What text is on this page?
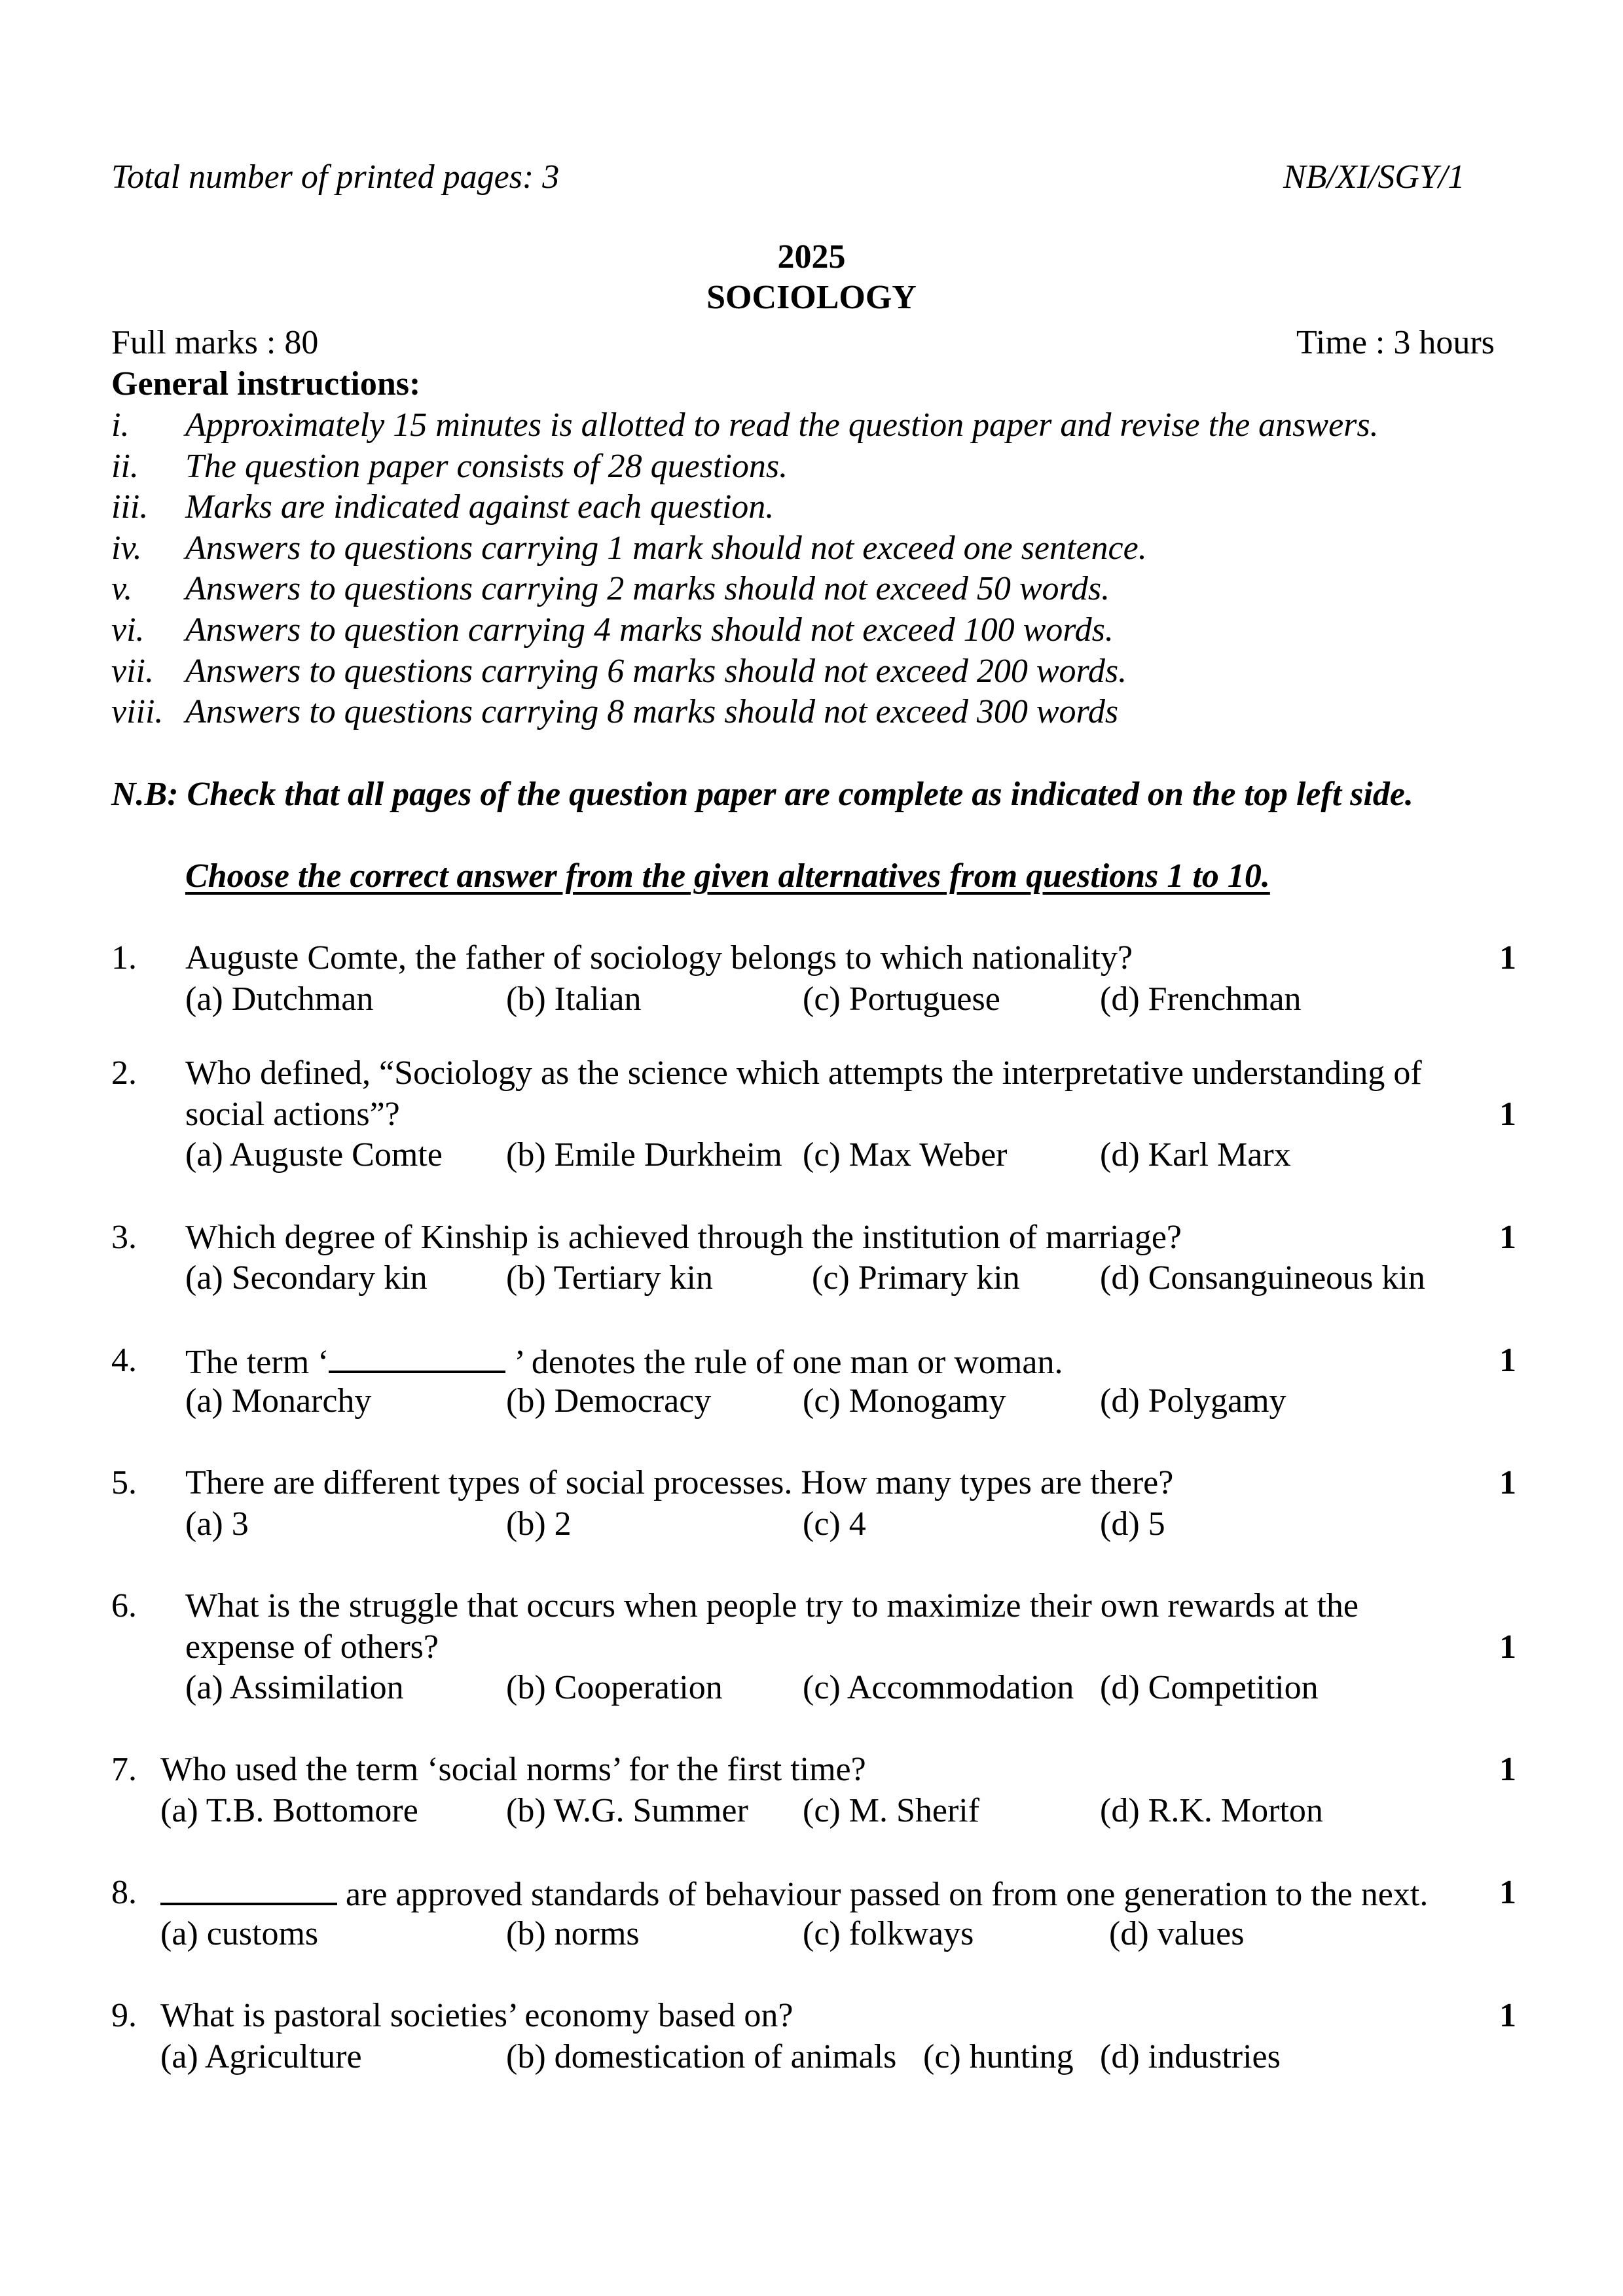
Total number of printed pages: 3	NB/XI/SGY/1
2025
SOCIOLOGY
Full marks : 80	Time : 3 hours
General instructions:
i. Approximately 15 minutes is allotted to read the question paper and revise the answers.
ii. The question paper consists of 28 questions.
iii. Marks are indicated against each question.
iv. Answers to questions carrying 1 mark should not exceed one sentence.
v. Answers to questions carrying 2 marks should not exceed 50 words.
vi. Answers to question carrying 4 marks should not exceed 100 words.
vii. Answers to questions carrying 6 marks should not exceed 200 words.
viii. Answers to questions carrying 8 marks should not exceed 300 words
N.B: Check that all pages of the question paper are complete as indicated on the top left side.
Choose the correct answer from the given alternatives from questions 1 to 10.
1. Auguste Comte, the father of sociology belongs to which nationality?	1
(a) Dutchman	(b) Italian	(c) Portuguese	(d) Frenchman
2. Who defined, “Sociology as the science which attempts the interpretative understanding of
social actions”?	1
(a) Auguste Comte (b) Emile Durkheim (c) Max Weber	(d) Karl Marx
3. Which degree of Kinship is achieved through the institution of marriage?	1
(a) Secondary kin (b) Tertiary kin	(c) Primary kin (d) Consanguineous kin
4. The term ‘	’ denotes the rule of one man or woman.	1
(a) Monarchy	(b) Democracy	(c) Monogamy	(d) Polygamy
5. There are different types of social processes. How many types are there?	1
(a) 3	(b) 2	(c) 4	(d) 5
6. What is the struggle that occurs when people try to maximize their own rewards at the
expense of others?	1
(a) Assimilation	(b) Cooperation (c) Accommodation (d) Competition
7. Who used the term ‘social norms’ for the first time?	1
(a) T.B. Bottomore	(b) W.G. Summer (c) M. Sherif	(d) R.K. Morton
8.	are approved standards of behaviour passed on from one generation to the next. 1
(a) customs	(b) norms	(c) folkways	(d) values
9. What is pastoral societies’ economy based on?	1
(a) Agriculture	(b) domestication of animals (c) hunting (d) industries
